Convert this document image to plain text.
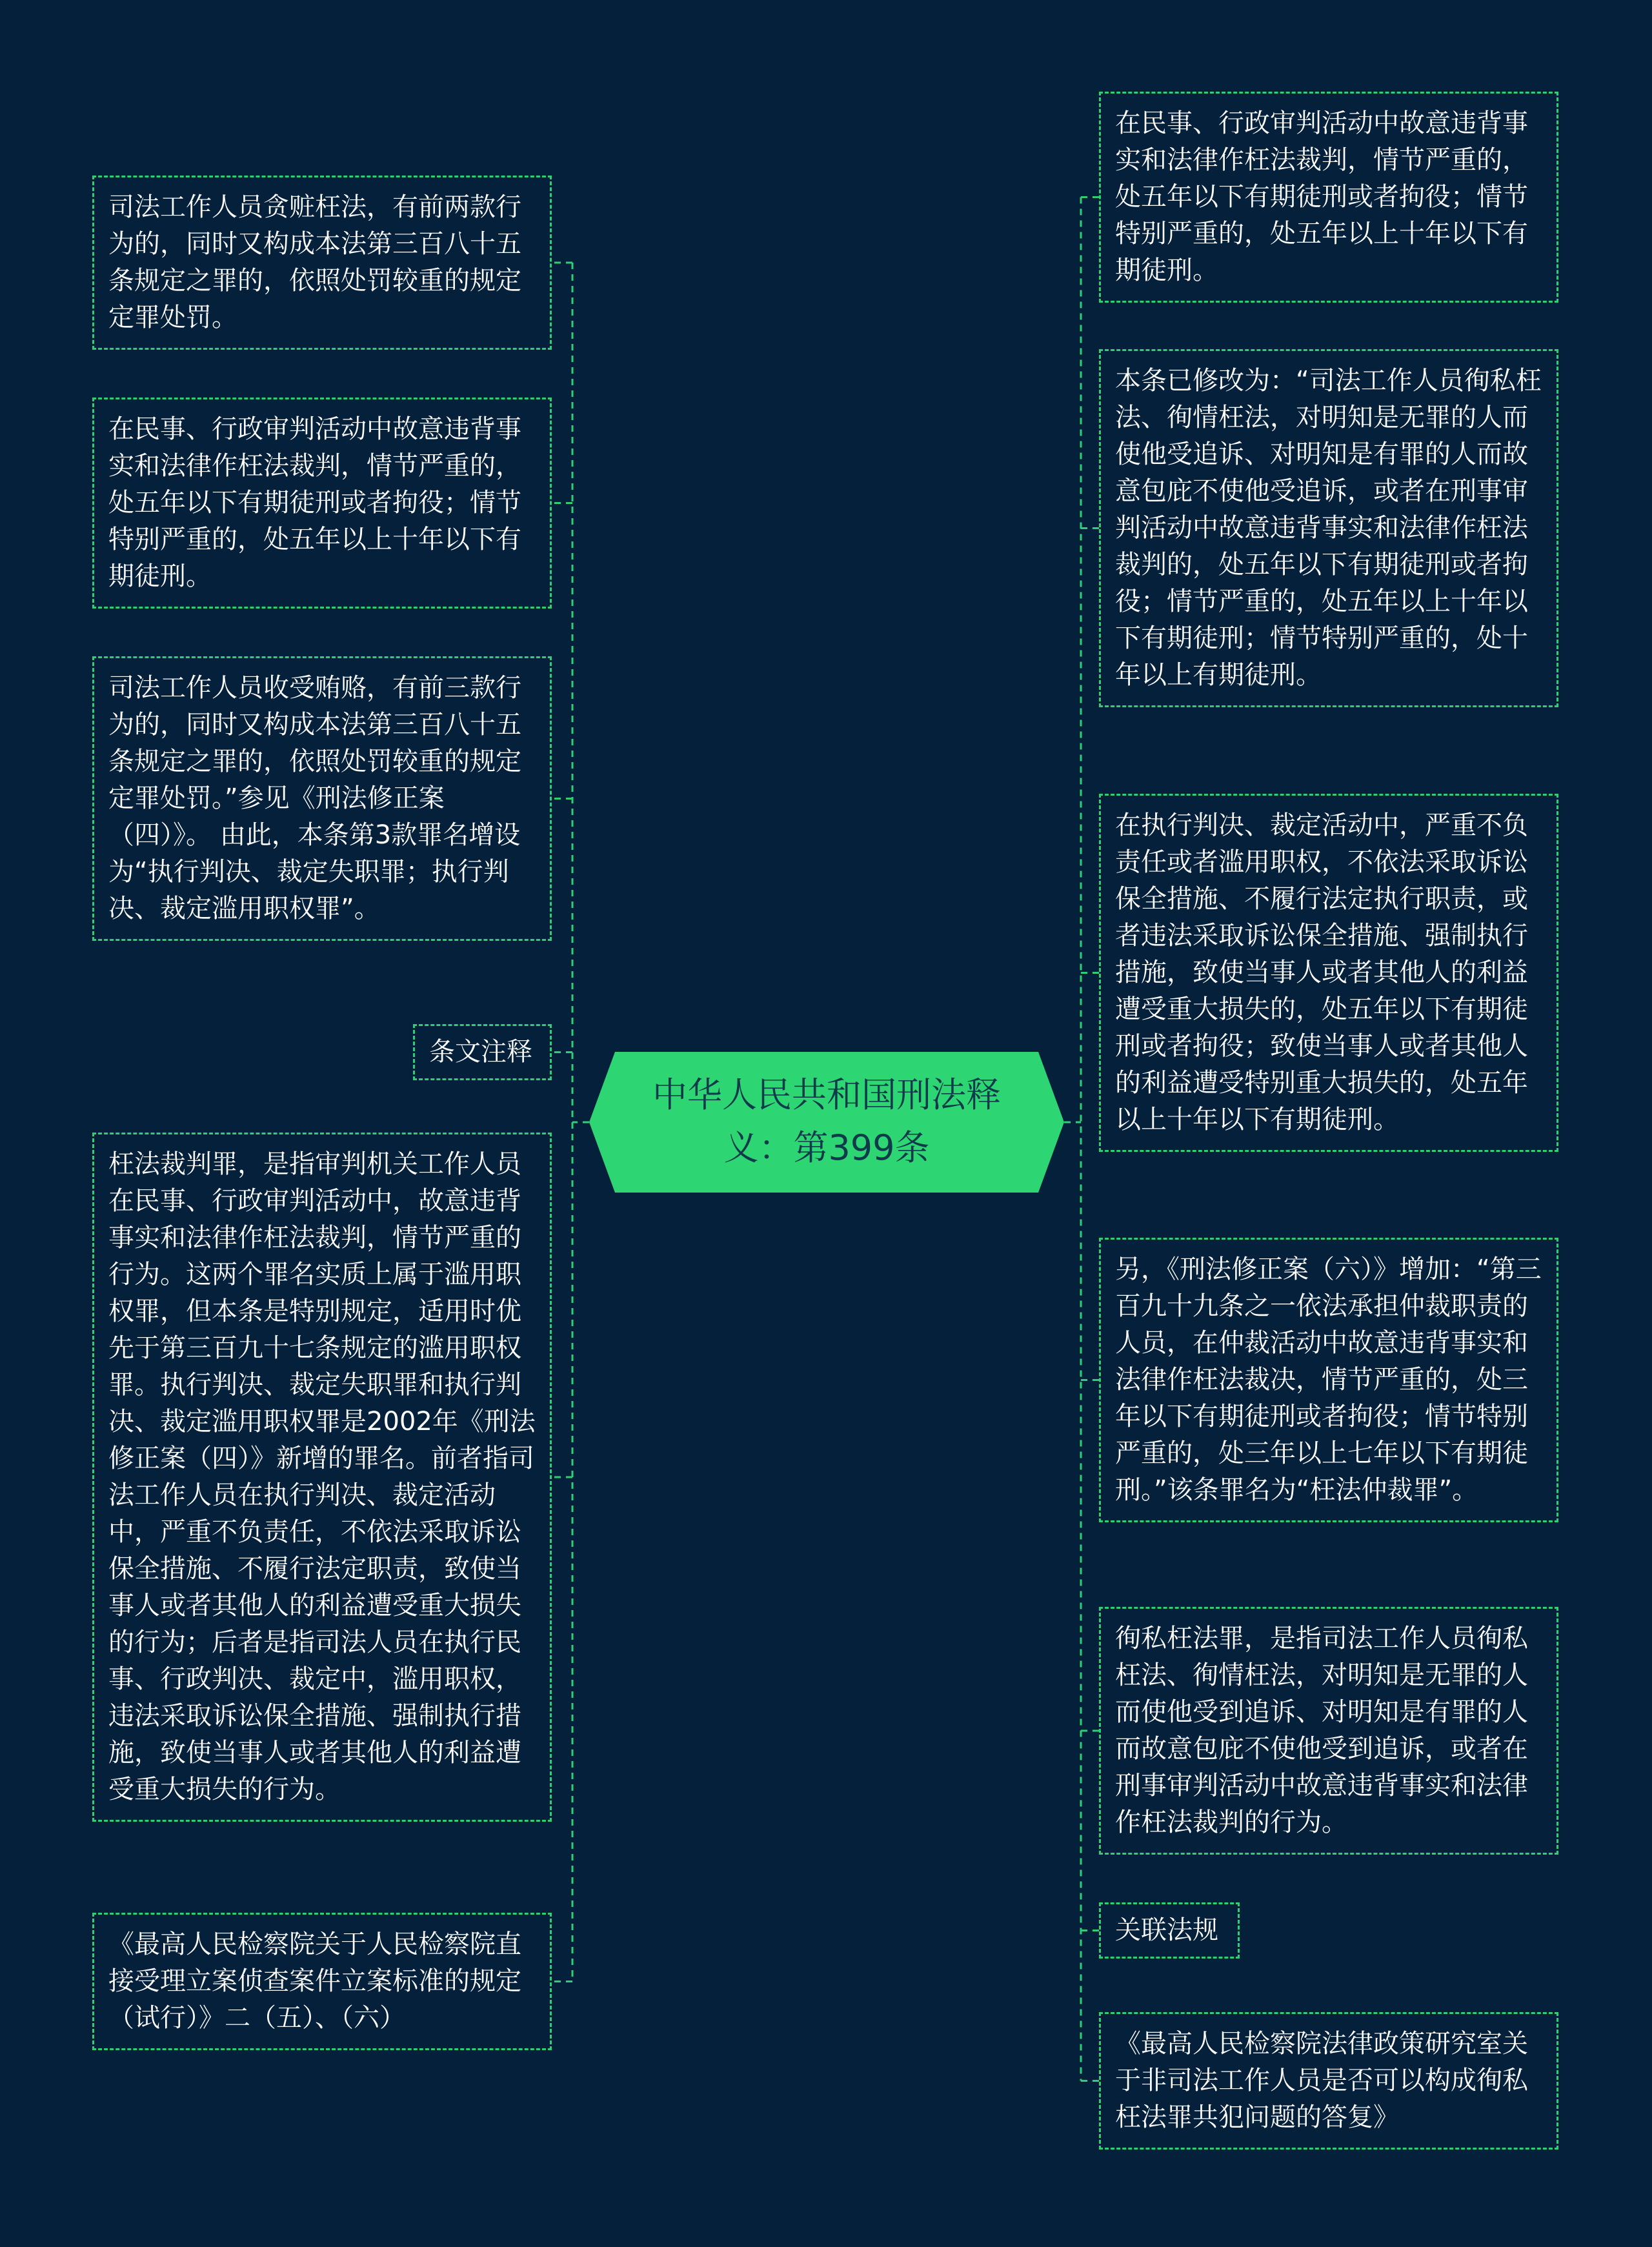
中华人民共和国刑法释义：第399条
司法工作人员贪赃枉法，有前两款行为的，同时又构成本法第三百八十五条规定之罪的，依照处罚较重的规定定罪处罚。
在民事、行政审判活动中故意违背事实和法律作枉法裁判，情节严重的，处五年以下有期徒刑或者拘役；情节特别严重的，处五年以上十年以下有期徒刑。
司法工作人员收受贿赂，有前三款行为的，同时又构成本法第三百八十五条规定之罪的，依照处罚较重的规定定罪处罚。”参见《刑法修正案（四）》。 由此，本条第3款罪名增设为“执行判决、裁定失职罪；执行判决、裁定滥用职权罪”。
条文注释
枉法裁判罪，是指审判机关工作人员在民事、行政审判活动中，故意违背事实和法律作枉法裁判，情节严重的行为。这两个罪名实质上属于滥用职权罪，但本条是特别规定，适用时优先于第三百九十七条规定的滥用职权罪。执行判决、裁定失职罪和执行判决、裁定滥用职权罪是2002年《刑法修正案（四）》新增的罪名。前者指司法工作人员在执行判决、裁定活动中，严重不负责任，不依法采取诉讼保全措施、不履行法定职责，致使当事人或者其他人的利益遭受重大损失的行为；后者是指司法人员在执行民事、行政判决、裁定中，滥用职权，违法采取诉讼保全措施、强制执行措施，致使当事人或者其他人的利益遭受重大损失的行为。
《最高人民检察院关于人民检察院直接受理立案侦查案件立案标准的规定（试行）》二（五）、（六）
在民事、行政审判活动中故意违背事实和法律作枉法裁判，情节严重的，处五年以下有期徒刑或者拘役；情节特别严重的，处五年以上十年以下有期徒刑。
本条已修改为：“司法工作人员徇私枉法、徇情枉法，对明知是无罪的人而使他受追诉、对明知是有罪的人而故意包庇不使他受追诉，或者在刑事审判活动中故意违背事实和法律作枉法裁判的，处五年以下有期徒刑或者拘役；情节严重的，处五年以上十年以下有期徒刑；情节特别严重的，处十年以上有期徒刑。
在执行判决、裁定活动中，严重不负责任或者滥用职权，不依法采取诉讼保全措施、不履行法定执行职责，或者违法采取诉讼保全措施、强制执行措施，致使当事人或者其他人的利益遭受重大损失的，处五年以下有期徒刑或者拘役；致使当事人或者其他人的利益遭受特别重大损失的，处五年以上十年以下有期徒刑。
另，《刑法修正案（六）》增加：“第三百九十九条之一依法承担仲裁职责的人员，在仲裁活动中故意违背事实和法律作枉法裁决，情节严重的，处三年以下有期徒刑或者拘役；情节特别严重的，处三年以上七年以下有期徒刑。”该条罪名为“枉法仲裁罪”。
徇私枉法罪，是指司法工作人员徇私枉法、徇情枉法，对明知是无罪的人而使他受到追诉、对明知是有罪的人而故意包庇不使他受到追诉，或者在刑事审判活动中故意违背事实和法律作枉法裁判的行为。
关联法规
《最高人民检察院法律政策研究室关于非司法工作人员是否可以构成徇私枉法罪共犯问题的答复》
